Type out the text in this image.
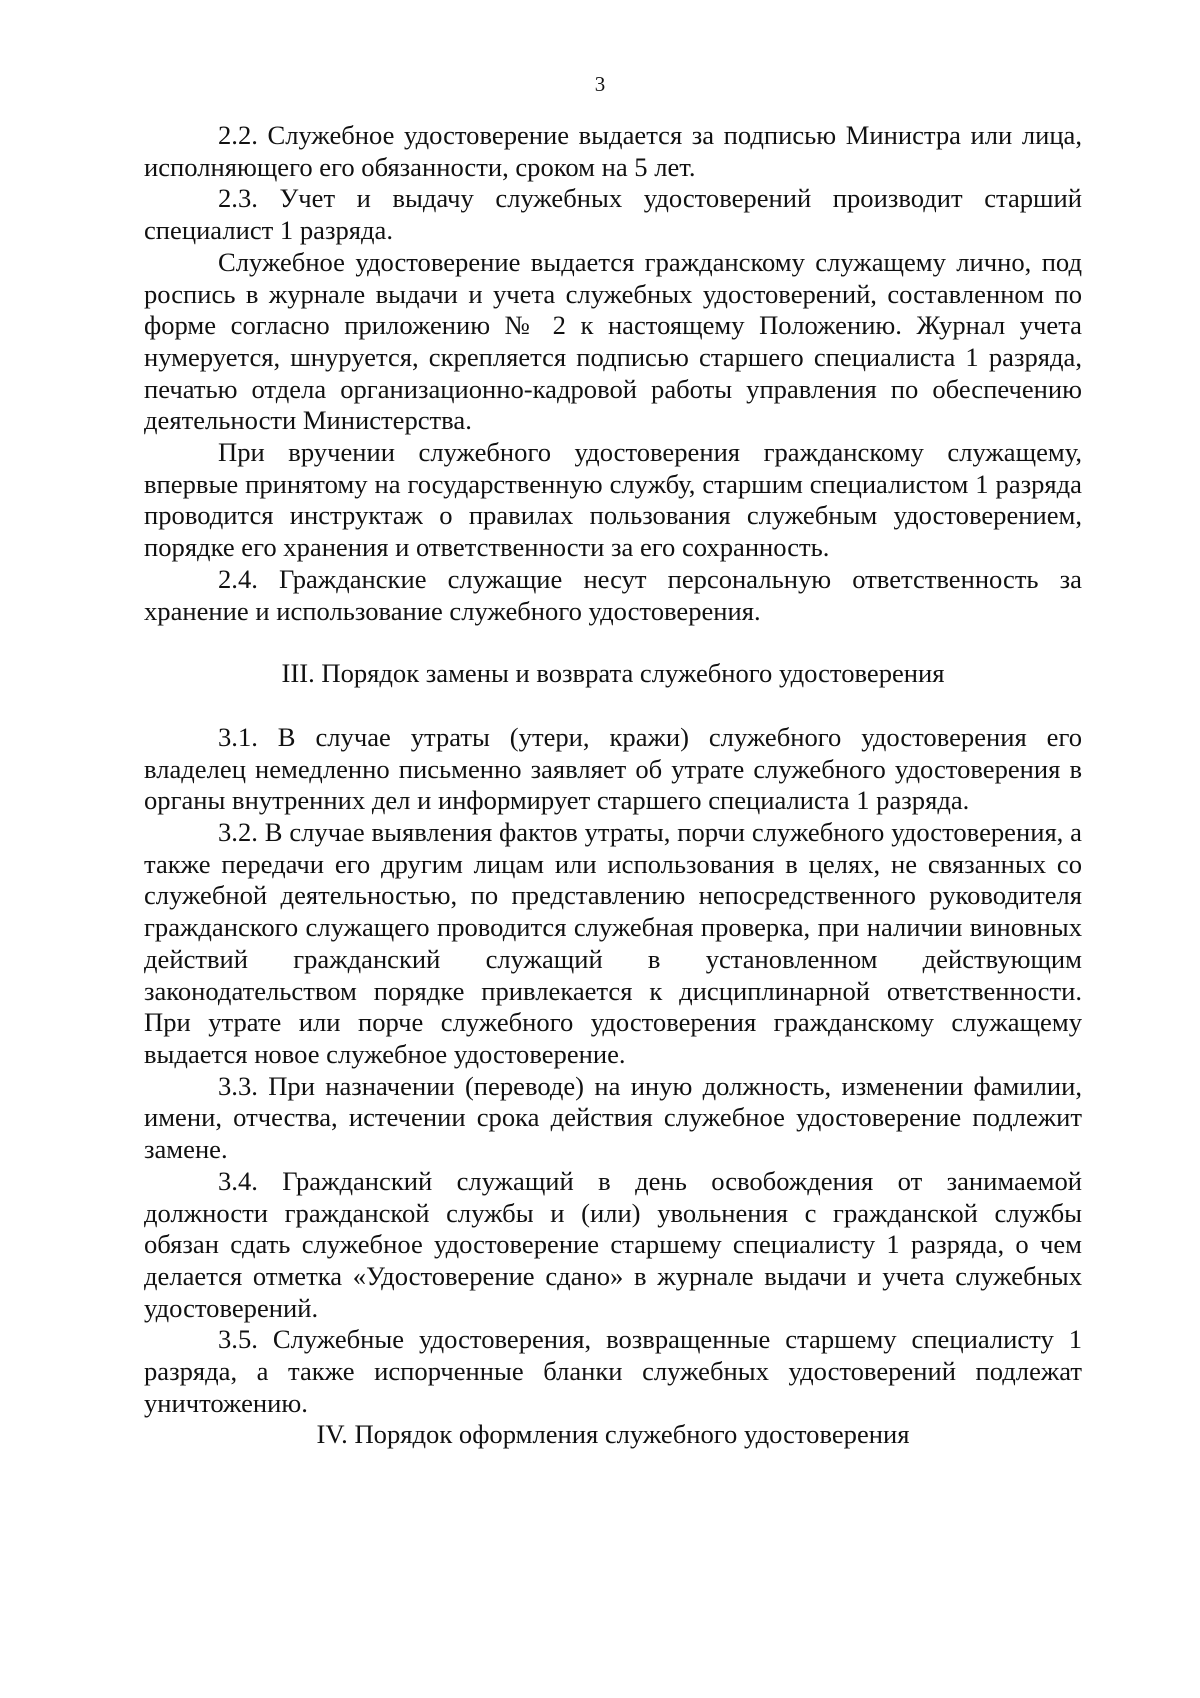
3

2.2. Служебное удостоверение выдается за подписью Министра или лица, исполняющего его обязанности, сроком на 5 лет.

2.3. Учет и выдачу служебных удостоверений производит старший специалист 1 разряда.

Служебное удостоверение выдается гражданскому служащему лично, под роспись в журнале выдачи и учета служебных удостоверений, составленном по форме согласно приложению № 2 к настоящему Положению. Журнал учета нумеруется, шнуруется, скрепляется подписью старшего специалиста 1 разряда, печатью отдела организационно-кадровой работы управления по обеспечению деятельности Министерства.

При вручении служебного удостоверения гражданскому служащему, впервые принятому на государственную службу, старшим специалистом 1 разряда проводится инструктаж о правилах пользования служебным удостоверением, порядке его хранения и ответственности за его сохранность.

2.4. Гражданские служащие несут персональную ответственность за хранение и использование служебного удостоверения.

III. Порядок замены и возврата служебного удостоверения

3.1. В случае утраты (утери, кражи) служебного удостоверения его владелец немедленно письменно заявляет об утрате служебного удостоверения в органы внутренних дел и информирует старшего специалиста 1 разряда.

3.2. В случае выявления фактов утраты, порчи служебного удостоверения, а также передачи его другим лицам или использования в целях, не связанных со служебной деятельностью, по представлению непосредственного руководителя гражданского служащего проводится служебная проверка, при наличии виновных действий гражданский служащий в установленном действующим законодательством порядке привлекается к дисциплинарной ответственности. При утрате или порче служебного удостоверения гражданскому служащему выдается новое служебное удостоверение.

3.3. При назначении (переводе) на иную должность, изменении фамилии, имени, отчества, истечении срока действия служебное удостоверение подлежит замене.

3.4. Гражданский служащий в день освобождения от занимаемой должности гражданской службы и (или) увольнения с гражданской службы обязан сдать служебное удостоверение старшему специалисту 1 разряда, о чем делается отметка «Удостоверение сдано» в журнале выдачи и учета служебных удостоверений.

3.5. Служебные удостоверения, возвращенные старшему специалисту 1 разряда, а также испорченные бланки служебных удостоверений подлежат уничтожению.

IV. Порядок оформления служебного удостоверения
